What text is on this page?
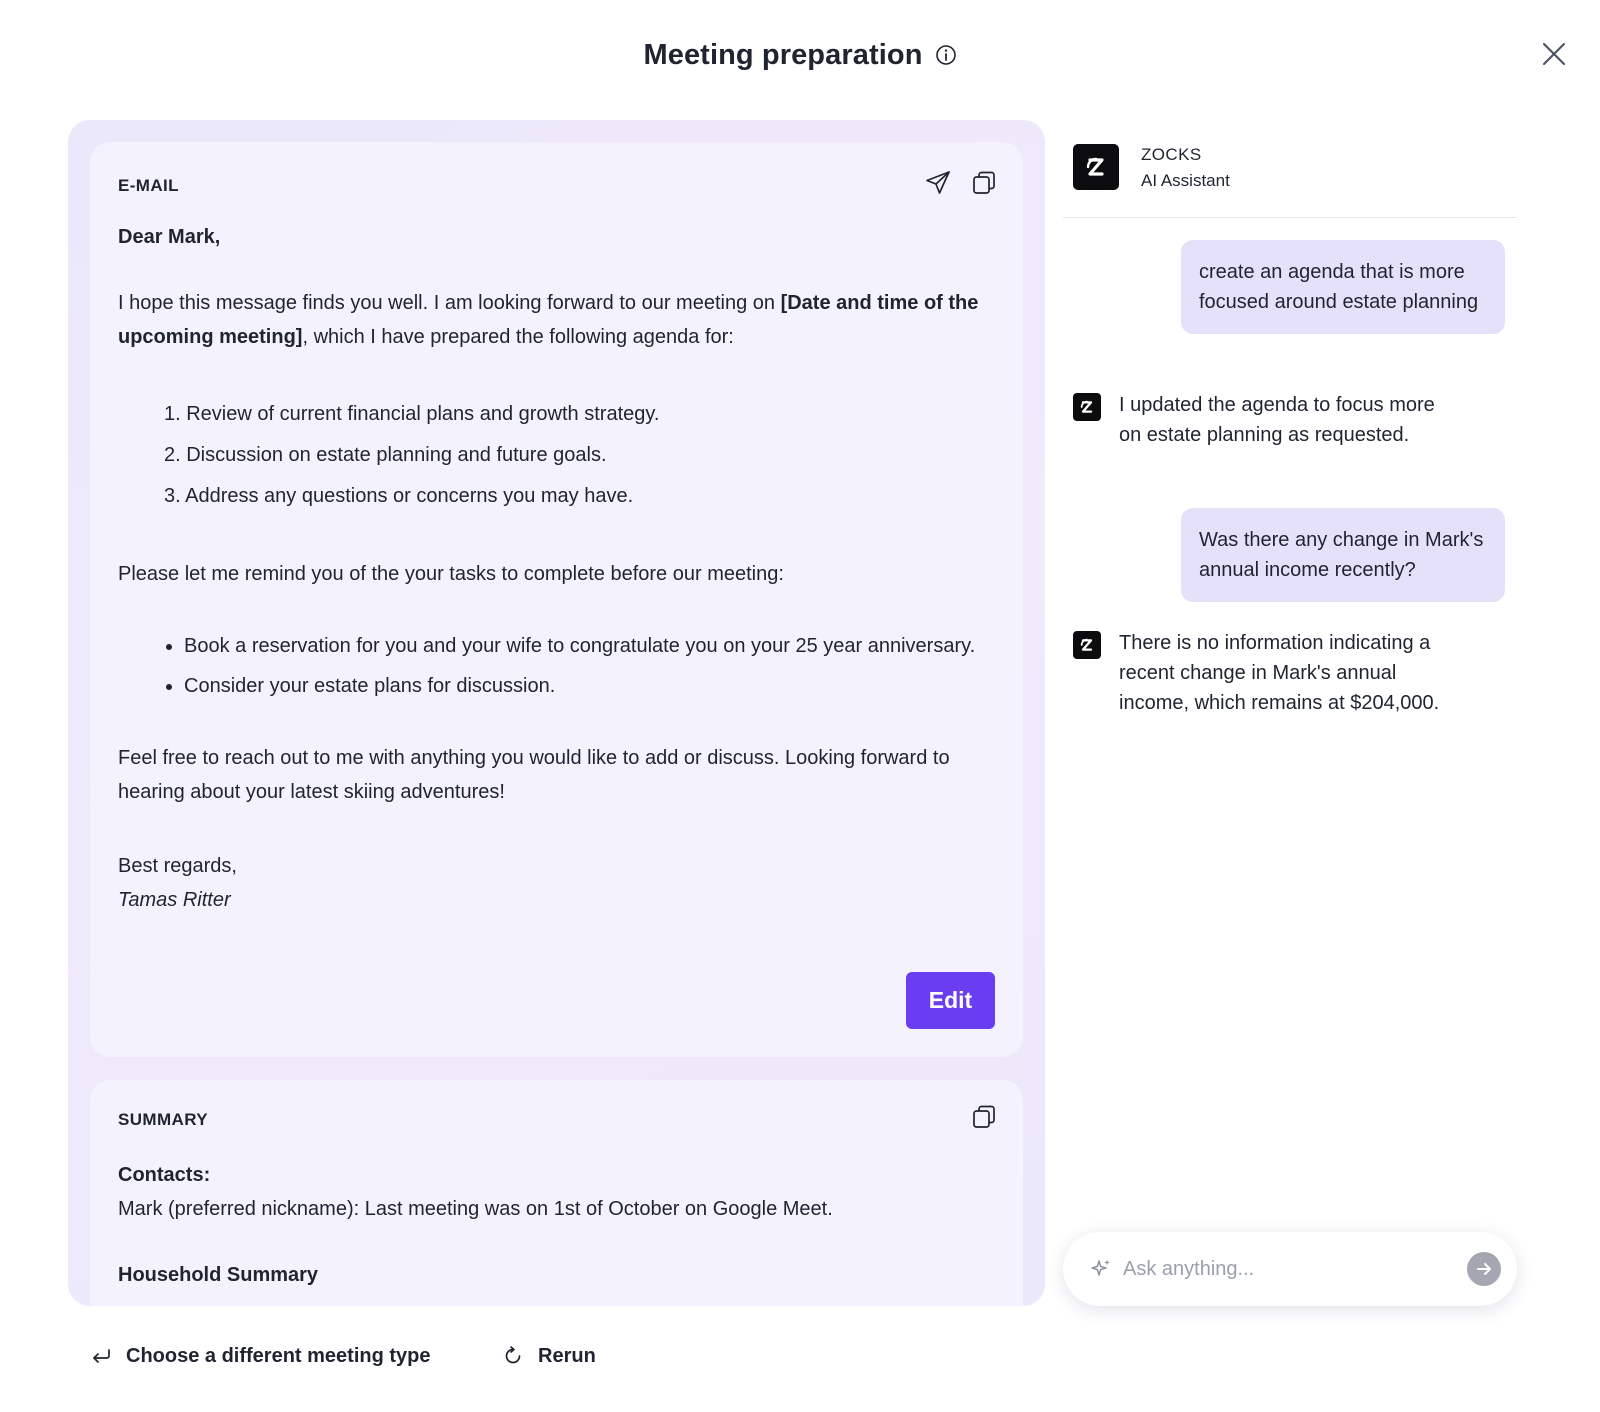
Meeting preparation
E-MAIL
Dear Mark,
I hope this message finds you well. I am looking forward to our meeting on [Date and time of the upcoming meeting], which I have prepared the following agenda for:
1. Review of current financial plans and growth strategy.
2. Discussion on estate planning and future goals.
3. Address any questions or concerns you may have.
Please let me remind you of the your tasks to complete before our meeting:
Book a reservation for you and your wife to congratulate you on your 25 year anniversary.
Consider your estate plans for discussion.
Feel free to reach out to me with anything you would like to add or discuss. Looking forward to hearing about your latest skiing adventures!
Best regards,
Tamas Ritter
Edit
SUMMARY
Contacts:
Mark (preferred nickname): Last meeting was on 1st of October on Google Meet.
Household Summary
ZOCKS
AI Assistant
create an agenda that is more focused around estate planning
I updated the agenda to focus more on estate planning as requested.
Was there any change in Mark's annual income recently?
There is no information indicating a recent change in Mark's annual income, which remains at $204,000.
Ask anything...
Choose a different meeting type	Rerun
